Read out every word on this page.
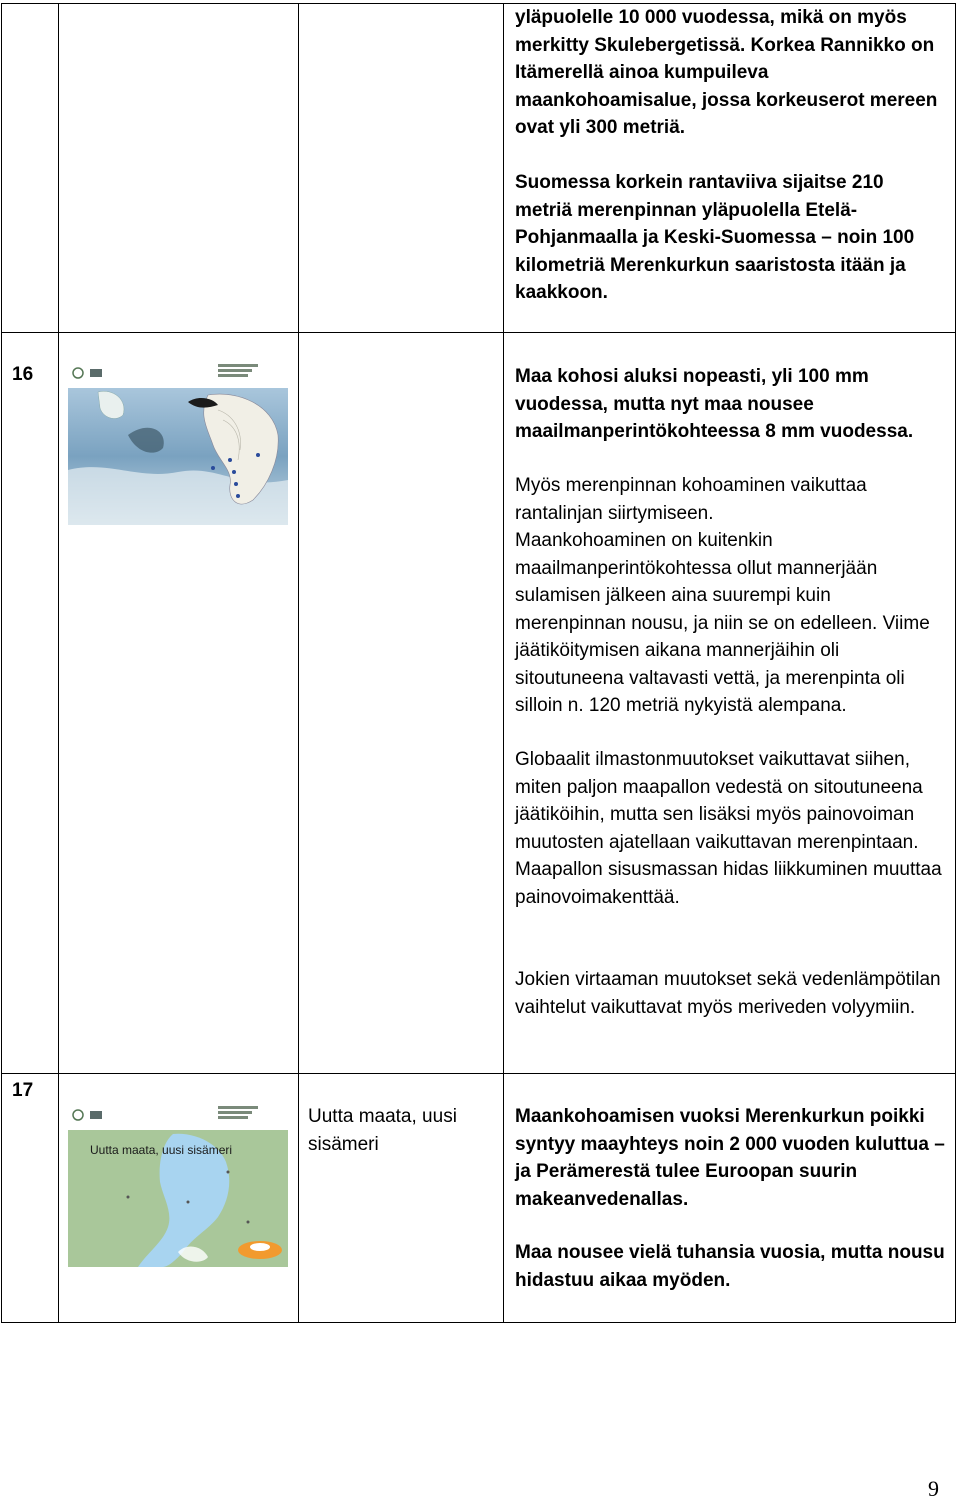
yläpuolelle 10 000 vuodessa, mikä on myös merkitty Skulebergetissä. Korkea Rannikko on Itämerellä ainoa kumpuileva maankohoamisalue, jossa korkeuserot mereen ovat yli 300 metriä.

Suomessa korkein rantaviiva sijaitse 210 metriä merenpinnan yläpuolella Etelä-Pohjanmaalla ja Keski-Suomessa – noin 100 kilometriä Merenkurkun saaristosta itään ja kaakkoon.

16	Maa kohosi aluksi nopeasti, yli 100 mm vuodessa, mutta nyt maa nousee maailmanperintökohteessa 8 mm vuodessa.

Myös merenpinnan kohoaminen vaikuttaa rantalinjan siirtymiseen.

Maankohoaminen on kuitenkin maailmanperintökohtessa ollut mannerjään sulamisen jälkeen aina suurempi kuin merenpinnan nousu, ja niin se on edelleen. Viime jäätiköitymisen aikana mannerjäihin oli sitoutuneena valtavasti vettä, ja merenpinta oli silloin n. 120 metriä nykyistä alempana.

Globaalit ilmastonmuutokset vaikuttavat siihen, miten paljon maapallon vedestä on sitoutuneena jäätiköihin, mutta sen lisäksi myös painovoiman muutosten ajatellaan vaikuttavan merenpintaan. Maapallon sisusmassan hidas liikkuminen muuttaa painovoimakenttää.

Jokien virtaaman muutokset sekä vedenlämpötilan vaihtelut vaikuttavat myös meriveden volyymiin.

17
Uutta maata, uusi sisämeri

Uutta maata, uusi sisämeri

Maankohoamisen vuoksi Merenkurkun poikki syntyy maayhteys noin 2 000 vuoden kuluttua – ja Perämerestä tulee Euroopan suurin makeanvedenallas.

Maa nousee vielä tuhansia vuosia, mutta nousu hidastuu aikaa myöden.

9
